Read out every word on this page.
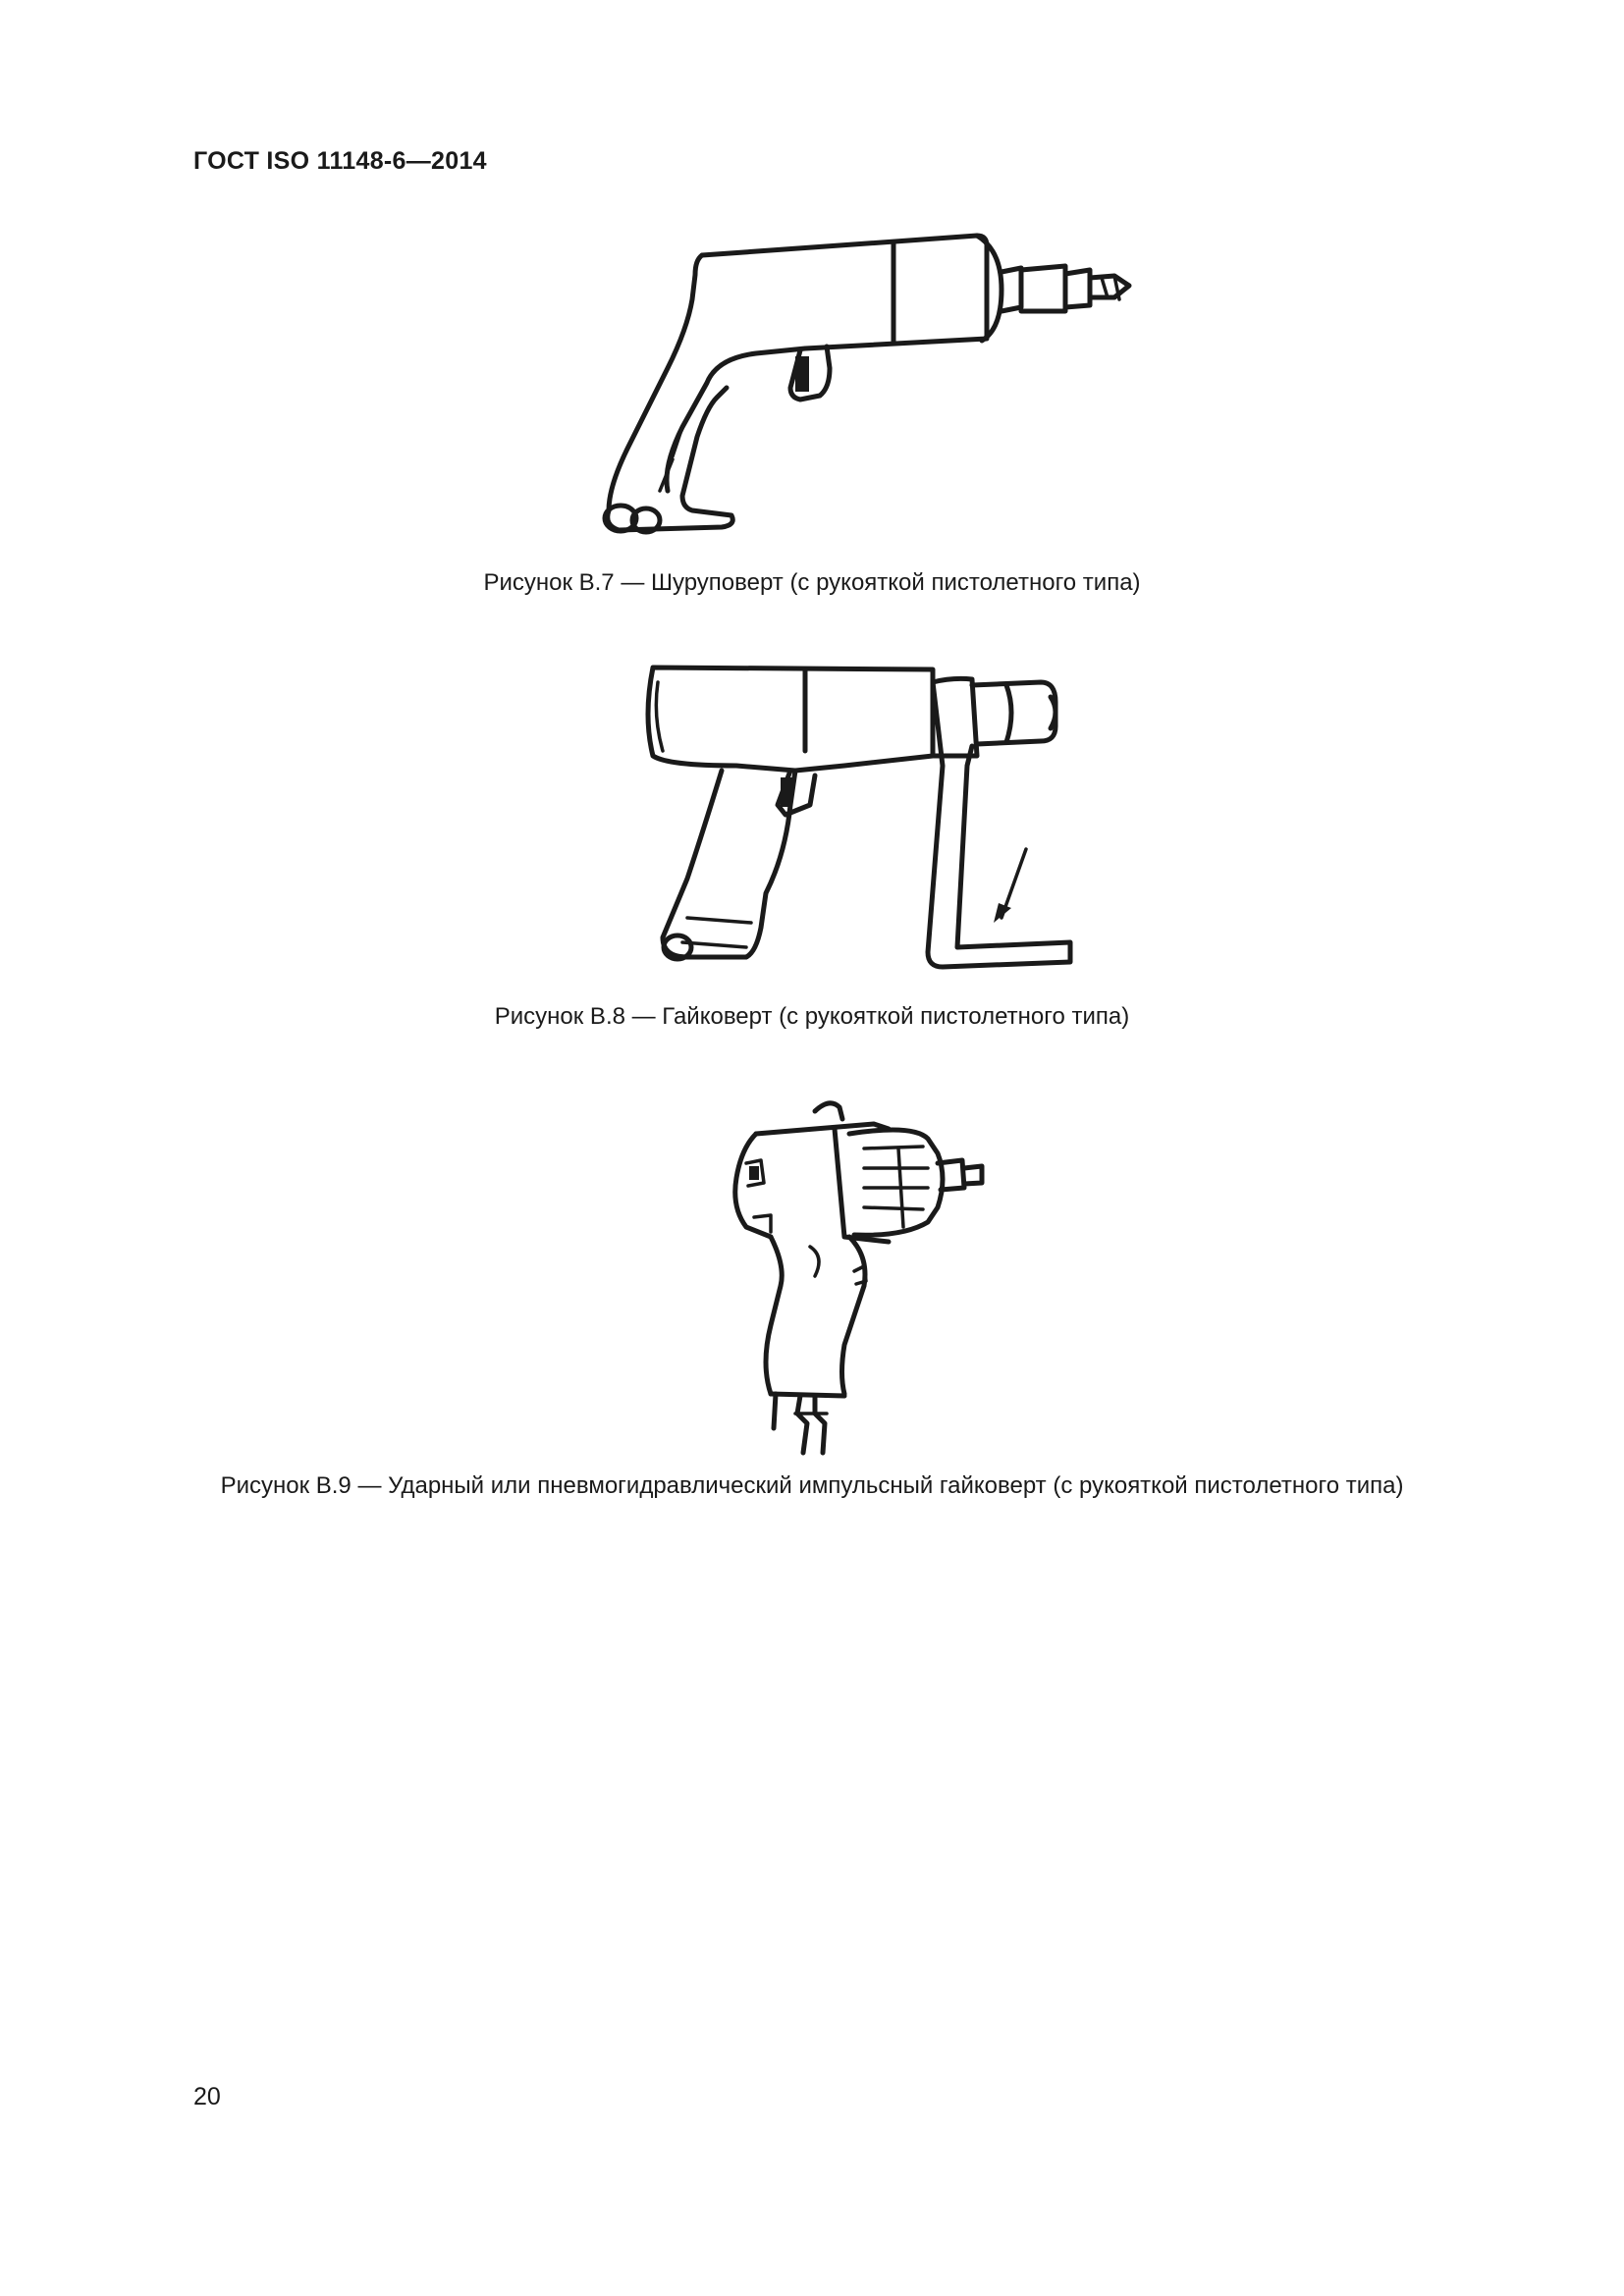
ГОСТ ISO 11148-6—2014
Рисунок В.7 — Шуруповерт (с рукояткой пистолетного типа)
Рисунок В.8 — Гайковерт (с рукояткой пистолетного типа)
Рисунок В.9 — Ударный или пневмогидравлический импульсный гайковерт (с рукояткой пистолетного типа)
20
